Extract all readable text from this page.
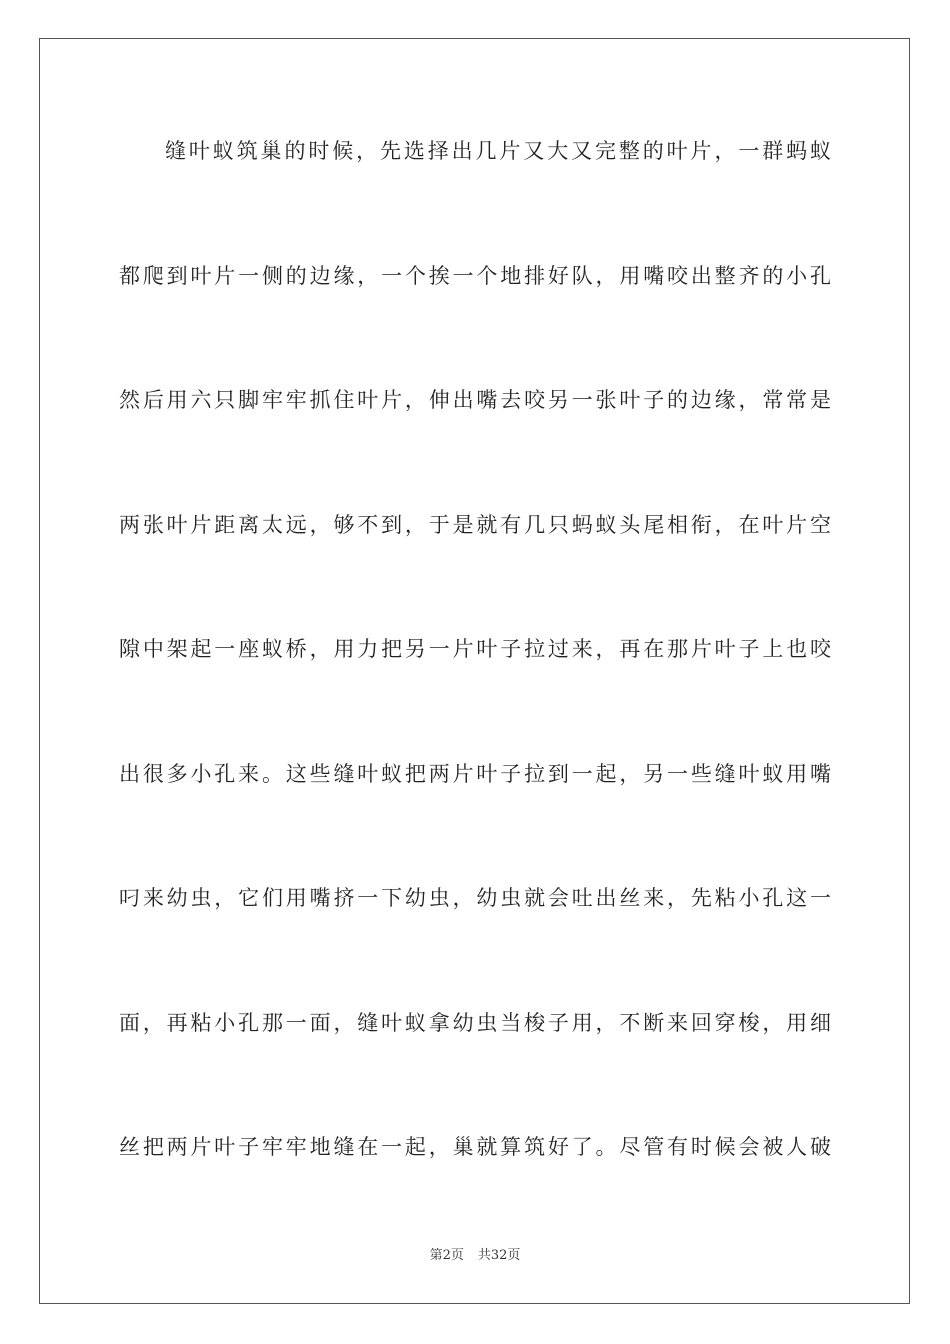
缝叶蚁筑巢的时候，先选择出几片又大又完整的叶片，一群蚂蚁
都爬到叶片一侧的边缘，一个挨一个地排好队，用嘴咬出整齐的小孔
然后用六只脚牢牢抓住叶片，伸出嘴去咬另一张叶子的边缘，常常是
两张叶片距离太远，够不到，于是就有几只蚂蚁头尾相衔，在叶片空
隙中架起一座蚁桥，用力把另一片叶子拉过来，再在那片叶子上也咬
出很多小孔来。这些缝叶蚁把两片叶子拉到一起，另一些缝叶蚁用嘴
叼来幼虫，它们用嘴挤一下幼虫，幼虫就会吐出丝来，先粘小孔这一
面，再粘小孔那一面，缝叶蚁拿幼虫当梭子用，不断来回穿梭，用细
丝把两片叶子牢牢地缝在一起，巢就算筑好了。尽管有时候会被人破
第2页 共32页
